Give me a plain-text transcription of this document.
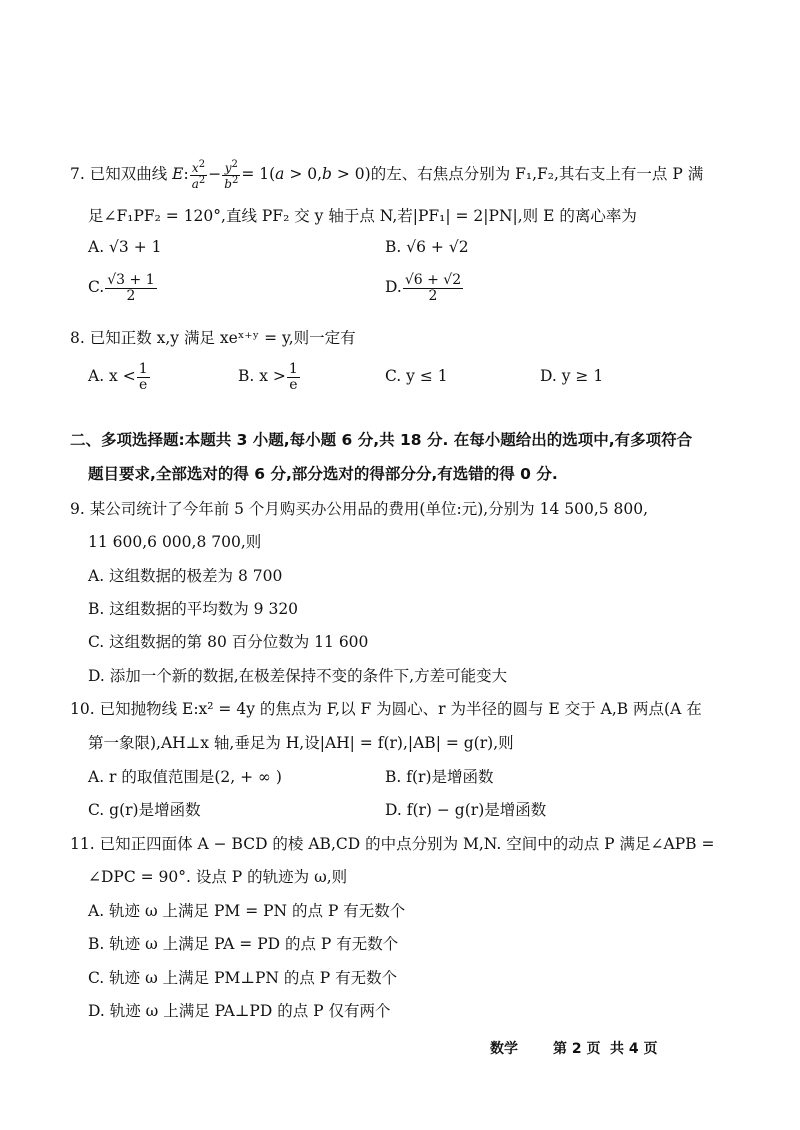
7. 已知双曲线 E: $\frac{x^2}{a^2} - \frac{y^2}{b^2} = 1(a > 0,b > 0)$的左、右焦点分别为 F₁,F₂,其右支上有一点 P 满
足∠F₁PF₂ = 120°,直线 PF₂ 交 y 轴于点 N,若|PF₁| = 2|PN|,则 E 的离心率为
A. √3 + 1	B. √6 + √2
C. $\frac{√3 + 1}{2}$	D. $\frac{√6 + √2}{2}$
8. 已知正数 x,y 满足 xeˣ⁺ʸ = y,则一定有
A. $x < \frac{1}{e}$	B. $x > \frac{1}{e}$	C. y ≤ 1	D. y ≥ 1
二、多项选择题:本题共 3 小题,每小题 6 分,共 18 分. 在每小题给出的选项中,有多项符合
题目要求,全部选对的得 6 分,部分选对的得部分分,有选错的得 0 分.
9. 某公司统计了今年前 5 个月购买办公用品的费用(单位:元),分别为 14 500,5 800,
11 600,6 000,8 700,则
A. 这组数据的极差为 8 700
B. 这组数据的平均数为 9 320
C. 这组数据的第 80 百分位数为 11 600
D. 添加一个新的数据,在极差保持不变的条件下,方差可能变大
10. 已知抛物线 E:x² = 4y 的焦点为 F,以 F 为圆心、r 为半径的圆与 E 交于 A,B 两点(A 在
第一象限),AH⊥x 轴,垂足为 H,设|AH| = f(r),|AB| = g(r),则
A. r 的取值范围是(2, + ∞ )	B. f(r)是增函数
C. g(r)是增函数	D. f(r) − g(r)是增函数
11. 已知正四面体 A − BCD 的棱 AB,CD 的中点分别为 M,N. 空间中的动点 P 满足∠APB =
∠DPC = 90°. 设点 P 的轨迹为 ω,则
A. 轨迹 ω 上满足 PM = PN 的点 P 有无数个
B. 轨迹 ω 上满足 PA = PD 的点 P 有无数个
C. 轨迹 ω 上满足 PM⊥PN 的点 P 有无数个
D. 轨迹 ω 上满足 PA⊥PD 的点 P 仅有两个
数学	第 2 页 共 4 页
